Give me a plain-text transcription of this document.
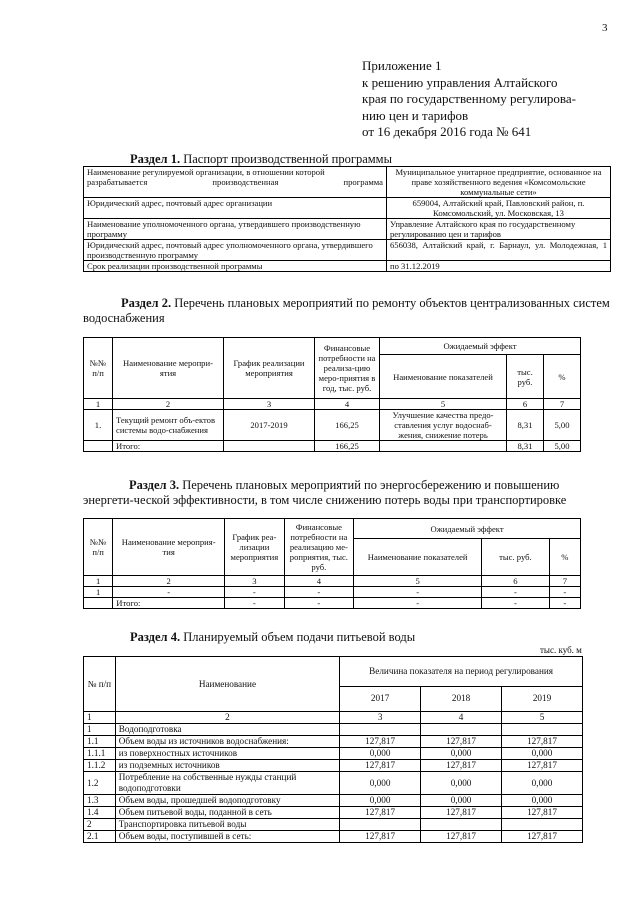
3
Приложение 1
к решению управления Алтайского
края по государственному регулирова-
нию цен и тарифов
от 16 декабря 2016 года № 641
Раздел 1. Паспорт производственной программы
Наименование регулируемой организации, в отношении которой разрабатывается производственная программа	Муниципальное унитарное предприятие, основанное на праве хозяйственного ведения «Комсомольские коммунальные сети»
Юридический адрес, почтовый адрес организации	659004, Алтайский край, Павловский район, п. Комсомольский, ул. Московская, 13
Наименование уполномоченного органа, утвердившего производственную программу	Управление Алтайского края по государственному регулированию цен и тарифов
Юридический адрес, почтовый адрес уполномоченного органа, утвердившего производственную программу	656038, Алтайский край, г. Барнаул, ул. Молодежная, 1
Срок реализации производственной программы	по 31.12.2019
Раздел 2. Перечень плановых мероприятий по ремонту объектов централизованных систем водоснабжения
№№ п/п	Наименование меропри-ятия	График реализации мероприятия	Финансовые потребности на реализа-цию меро-приятия в год, тыс. руб.	Ожидаемый эффект		
				Наименование показателей	тыс. руб.	%
1	2	3	4	5	6	7
1.	Текущий ремонт объ-ектов системы водо-снабжения	2017-2019	166,25	Улучшение качества предо-ставления услуг водоснаб-жения, снижение потерь	8,31	5,00
	Итого:		166,25		8,31	5,00
Раздел 3. Перечень плановых мероприятий по энергосбережению и повышению энергети-ческой эффективности, в том числе снижению потерь воды при транспортировке
№№ п/п	Наименование мероприя-тия	График реа-лизации мероприятия	Финансовые потребности на реализацию ме-роприятия, тыс. руб.	Ожидаемый эффект		
				Наименование показателей	тыс. руб.	%
1	2	3	4	5	6	7
1	-	-	-	-	-	-
	Итого:	-	-	-	-	-
Раздел 4. Планируемый объем подачи питьевой воды
тыс. куб. м
№ п/п	Наименование	Величина показателя на период регулирования		
		2017	2018	2019
1	2	3	4	5
1	Водоподготовка			
1.1	Объем воды из источников водоснабжения:	127,817	127,817	127,817
1.1.1	из поверхностных источников	0,000	0,000	0,000
1.1.2	из подземных источников	127,817	127,817	127,817
1.2	Потребление на собственные нужды станций водоподготовки	0,000	0,000	0,000
1.3	Объем воды, прошедшей водоподготовку	0,000	0,000	0,000
1.4	Объем питьевой воды, поданной в сеть	127,817	127,817	127,817
2	Транспортировка питьевой воды			
2.1	Объем воды, поступившей в сеть:	127,817	127,817	127,817
